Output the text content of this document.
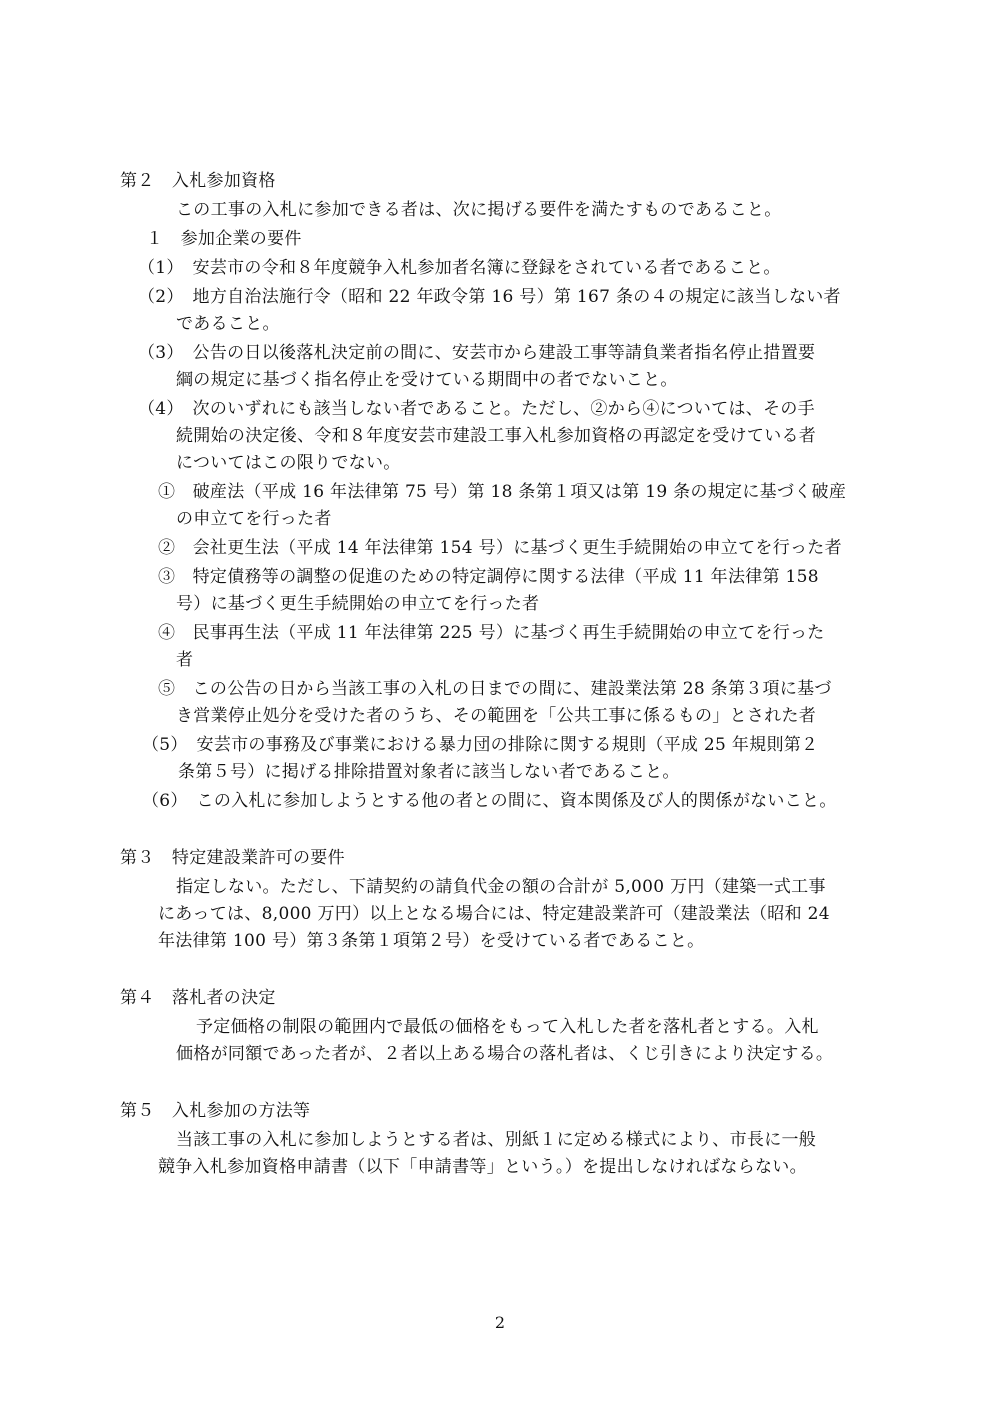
第２　入札参加資格
この工事の入札に参加できる者は、次に掲げる要件を満たすものであること。
１　参加企業の要件
（1）　安芸市の令和８年度競争入札参加者名簿に登録をされている者であること。
（2）　地方自治法施行令（昭和 22 年政令第 16 号）第 167 条の４の規定に該当しない者
であること。
（3）　公告の日以後落札決定前の間に、安芸市から建設工事等請負業者指名停止措置要
綱の規定に基づく指名停止を受けている期間中の者でないこと。
（4）　次のいずれにも該当しない者であること。ただし、②から④については、その手
続開始の決定後、令和８年度安芸市建設工事入札参加資格の再認定を受けている者
についてはこの限りでない。
①　破産法（平成 16 年法律第 75 号）第 18 条第１項又は第 19 条の規定に基づく破産
の申立てを行った者
②　会社更生法（平成 14 年法律第 154 号）に基づく更生手続開始の申立てを行った者
③　特定債務等の調整の促進のための特定調停に関する法律（平成 11 年法律第 158
号）に基づく更生手続開始の申立てを行った者
④　民事再生法（平成 11 年法律第 225 号）に基づく再生手続開始の申立てを行った
者
⑤　この公告の日から当該工事の入札の日までの間に、建設業法第 28 条第３項に基づ
き営業停止処分を受けた者のうち、その範囲を「公共工事に係るもの」とされた者
（5）　安芸市の事務及び事業における暴力団の排除に関する規則（平成 25 年規則第２
条第５号）に掲げる排除措置対象者に該当しない者であること。
（6）　この入札に参加しようとする他の者との間に、資本関係及び人的関係がないこと。
第３　特定建設業許可の要件
指定しない。ただし、下請契約の請負代金の額の合計が 5,000 万円（建築一式工事
にあっては、8,000 万円）以上となる場合には、特定建設業許可（建設業法（昭和 24
年法律第 100 号）第３条第１項第２号）を受けている者であること。
第４　落札者の決定
予定価格の制限の範囲内で最低の価格をもって入札した者を落札者とする。入札
価格が同額であった者が、２者以上ある場合の落札者は、くじ引きにより決定する。
第５　入札参加の方法等
当該工事の入札に参加しようとする者は、別紙１に定める様式により、市長に一般
競争入札参加資格申請書（以下「申請書等」という。）を提出しなければならない。
2
